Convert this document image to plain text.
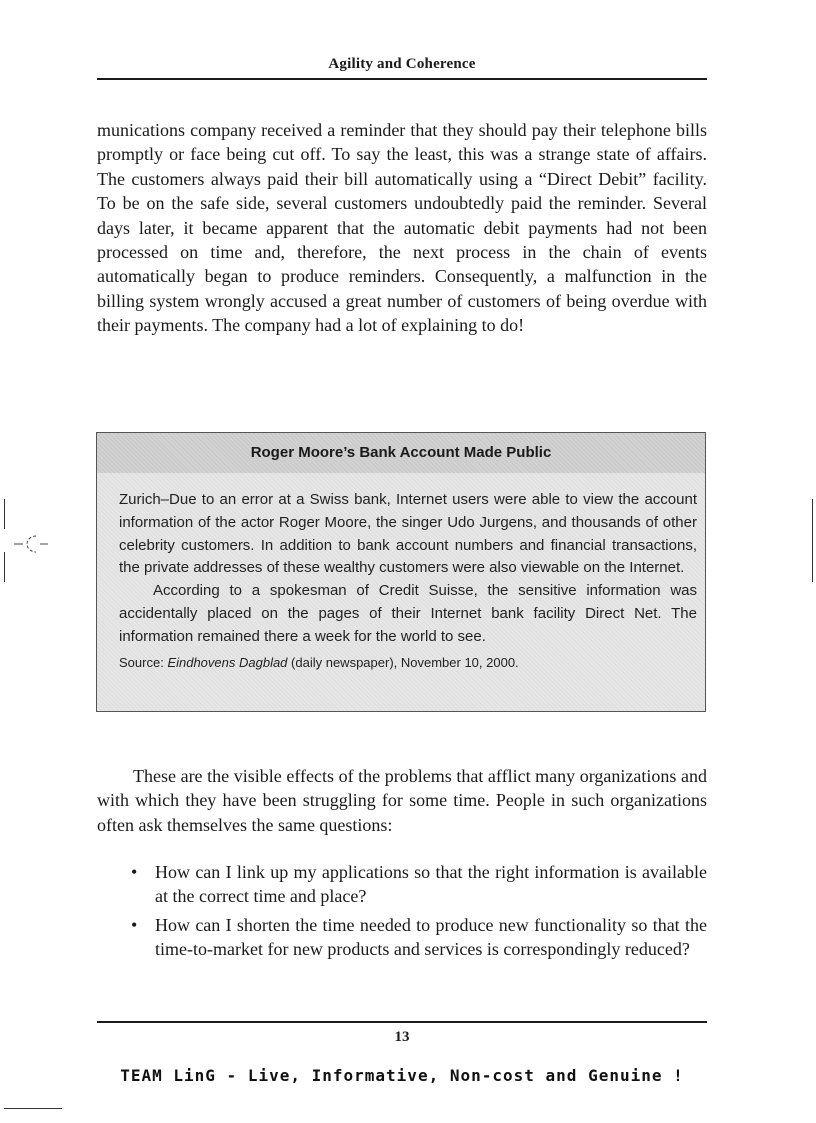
Agility and Coherence

munications company received a reminder that they should pay their telephone bills promptly or face being cut off. To say the least, this was a strange state of affairs. The customers always paid their bill automatically using a “Direct Debit” facility. To be on the safe side, several customers undoubtedly paid the reminder. Several days later, it became apparent that the automatic debit payments had not been processed on time and, therefore, the next process in the chain of events automatically began to produce reminders. Consequently, a malfunction in the billing system wrongly accused a great number of customers of being overdue with their payments. The company had a lot of explaining to do!

Roger Moore’s Bank Account Made Public

Zurich–Due to an error at a Swiss bank, Internet users were able to view the account information of the actor Roger Moore, the singer Udo Jurgens, and thousands of other celebrity customers. In addition to bank account numbers and financial transactions, the private addresses of these wealthy customers were also viewable on the Internet.

According to a spokesman of Credit Suisse, the sensitive information was accidentally placed on the pages of their Internet bank facility Direct Net. The information remained there a week for the world to see.

Source: Eindhovens Dagblad (daily newspaper), November 10, 2000.

These are the visible effects of the problems that afflict many organizations and with which they have been struggling for some time. People in such organizations often ask themselves the same questions:

• How can I link up my applications so that the right information is available at the correct time and place?
• How can I shorten the time needed to produce new functionality so that the time-to-market for new products and services is correspondingly reduced?
13
TEAM LinG - Live, Informative, Non-cost and Genuine !
